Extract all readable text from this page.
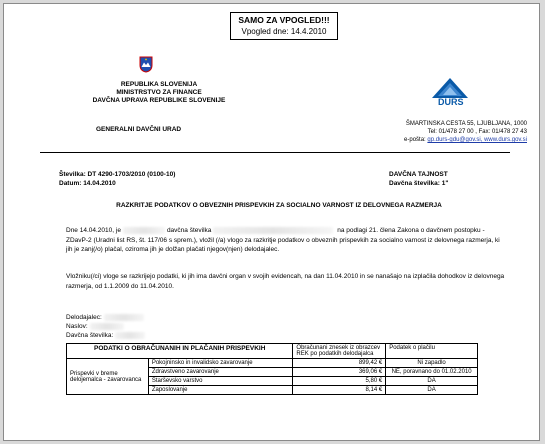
SAMO ZA VPOGLED!!!
Vpogled dne: 14.4.2010
REPUBLIKA SLOVENIJA
MINISTRSTVO ZA FINANCE
DAVČNA UPRAVA REPUBLIKE SLOVENIJE	DURS
GENERALNI DAVČNI URAD
ŠMARTINSKA CESTA 55, LJUBLJANA, 1000
Tel: 01/478 27 00 , Fax: 01/478 27 43
e-pošta: gp.durs-gdu@gov.si, www.durs.gov.si
Številka: DT 4290-1703/2010 (0100-10)
Datum: 14.04.2010
DAVČNA TAJNOST
Davčna številka: 1"
RAZKRITJE PODATKOV O OBVEZNIH PRISPEVKIH ZA SOCIALNO VARNOST IZ DELOVNEGA RAZMERJA
Dne 14.04.2010, je	davčna številka	na podlagi 21. člena Zakona o davčnem postopku - ZDavP-2 (Uradni list RS, št. 117/06 s sprem.), vložil (/a) vlogo za razkritje podatkov o obveznih prispevkih za socialno varnost iz delovnega razmerja, ki jih je zanj(/o) plačal, oziroma jih je dolžan plačati njegov(njen) delodajalec.
Vložniku(/ci) vloge se razkrijejo podatki, ki jih ima davčni organ v svojih evidencah, na dan 11.04.2010 in se nanašajo na izplačila dohodkov iz delovnega razmerja, od 1.1.2009 do 11.04.2010.
Delodajalec:
Naslov:
Davčna številka:
PODATKI O OBRAČUNANIH IN PLAČANIH PRISPEVKIH		Obračunani znesek iz obrazcev REK po podatkih delodajalca	Podatek o plačilu
Prispevki v breme delojemalca - zavarovanca	Pokojninsko in invalidsko zavarovanje	899,42 €	Ni zapadlo
	Zdravstveno zavarovanje	369,06 €	NE, poravnano do 01.02.2010
	Starševsko varstvo	5,80 €	DA
	Zaposlovanje	8,14 €	DA
